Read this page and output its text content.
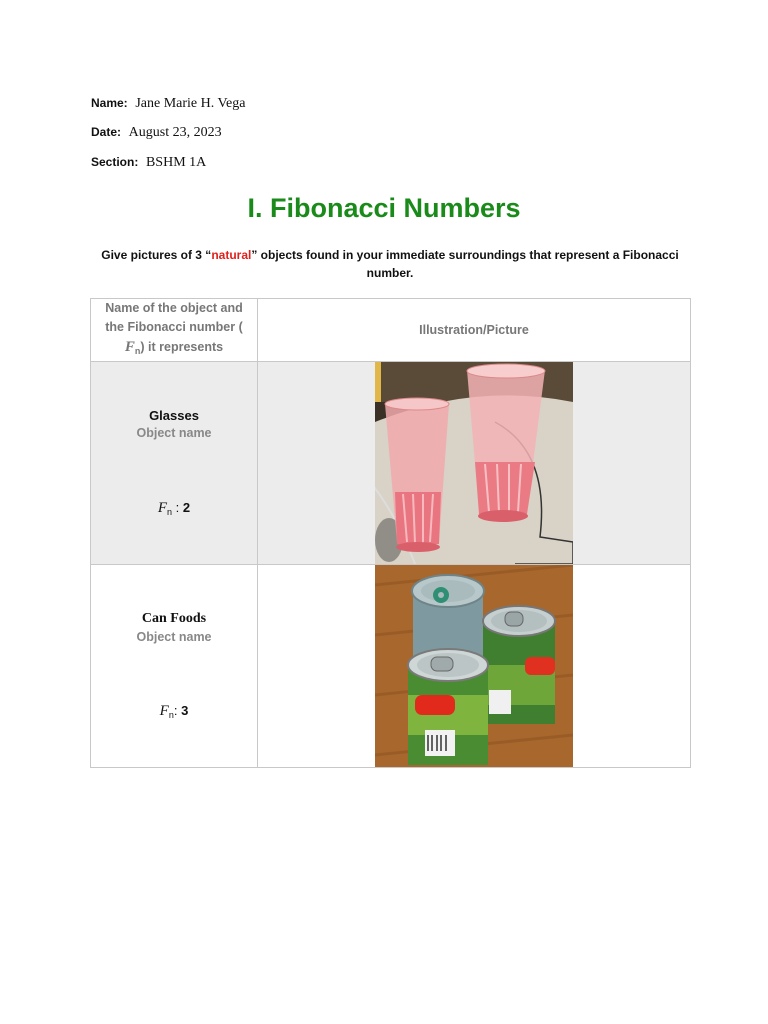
Name: Jane Marie H. Vega
Date: August 23, 2023
Section: BSHM 1A
I. Fibonacci Numbers
Give pictures of 3 “natural” objects found in your immediate surroundings that represent a Fibonacci number.
Name of the object and the Fibonacci number ( $F_n$) it represents	Illustration/Picture

Glasses
Object name
$F_n$ : 2

Can Foods
Object name
$F_n$: 3
